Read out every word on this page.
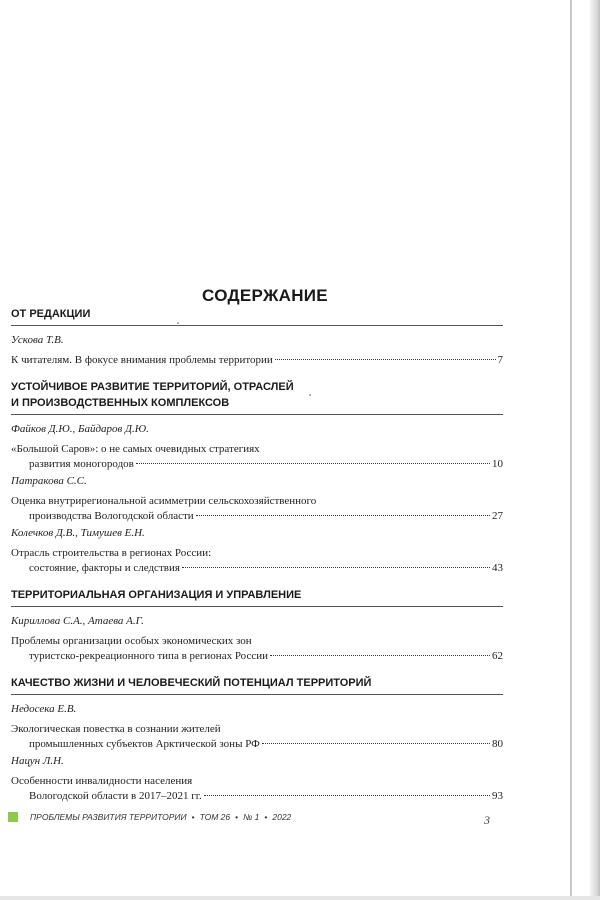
СОДЕРЖАНИЕ
ОТ РЕДАКЦИИ
Ускова Т.В.
К читателям. В фокусе внимания проблемы территории	7
УСТОЙЧИВОЕ РАЗВИТИЕ ТЕРРИТОРИЙ, ОТРАСЛЕЙ
И ПРОИЗВОДСТВЕННЫХ КОМПЛЕКСОВ
Файков Д.Ю., Байдаров Д.Ю.
«Большой Саров»: о не самых очевидных стратегиях
развития моногородов	10
Патракова С.С.
Оценка внутрирегиональной асимметрии сельскохозяйственного
производства Вологодской области	27
Колечков Д.В., Тимушев Е.Н.
Отрасль строительства в регионах России:
состояние, факторы и следствия	43
ТЕРРИТОРИАЛЬНАЯ ОРГАНИЗАЦИЯ И УПРАВЛЕНИЕ
Кириллова С.А., Атаева А.Г.
Проблемы организации особых экономических зон
туристско-рекреационного типа в регионах России	62
КАЧЕСТВО ЖИЗНИ И ЧЕЛОВЕЧЕСКИЙ ПОТЕНЦИАЛ ТЕРРИТОРИЙ
Недосека Е.В.
Экологическая повестка в сознании жителей
промышленных субъектов Арктической зоны РФ	80
Нацун Л.Н.
Особенности инвалидности населения
Вологодской области в 2017–2021 гг.	93
ПРОБЛЕМЫ РАЗВИТИЯ ТЕРРИТОРИИ • ТОМ 26 • № 1 • 2022	3
